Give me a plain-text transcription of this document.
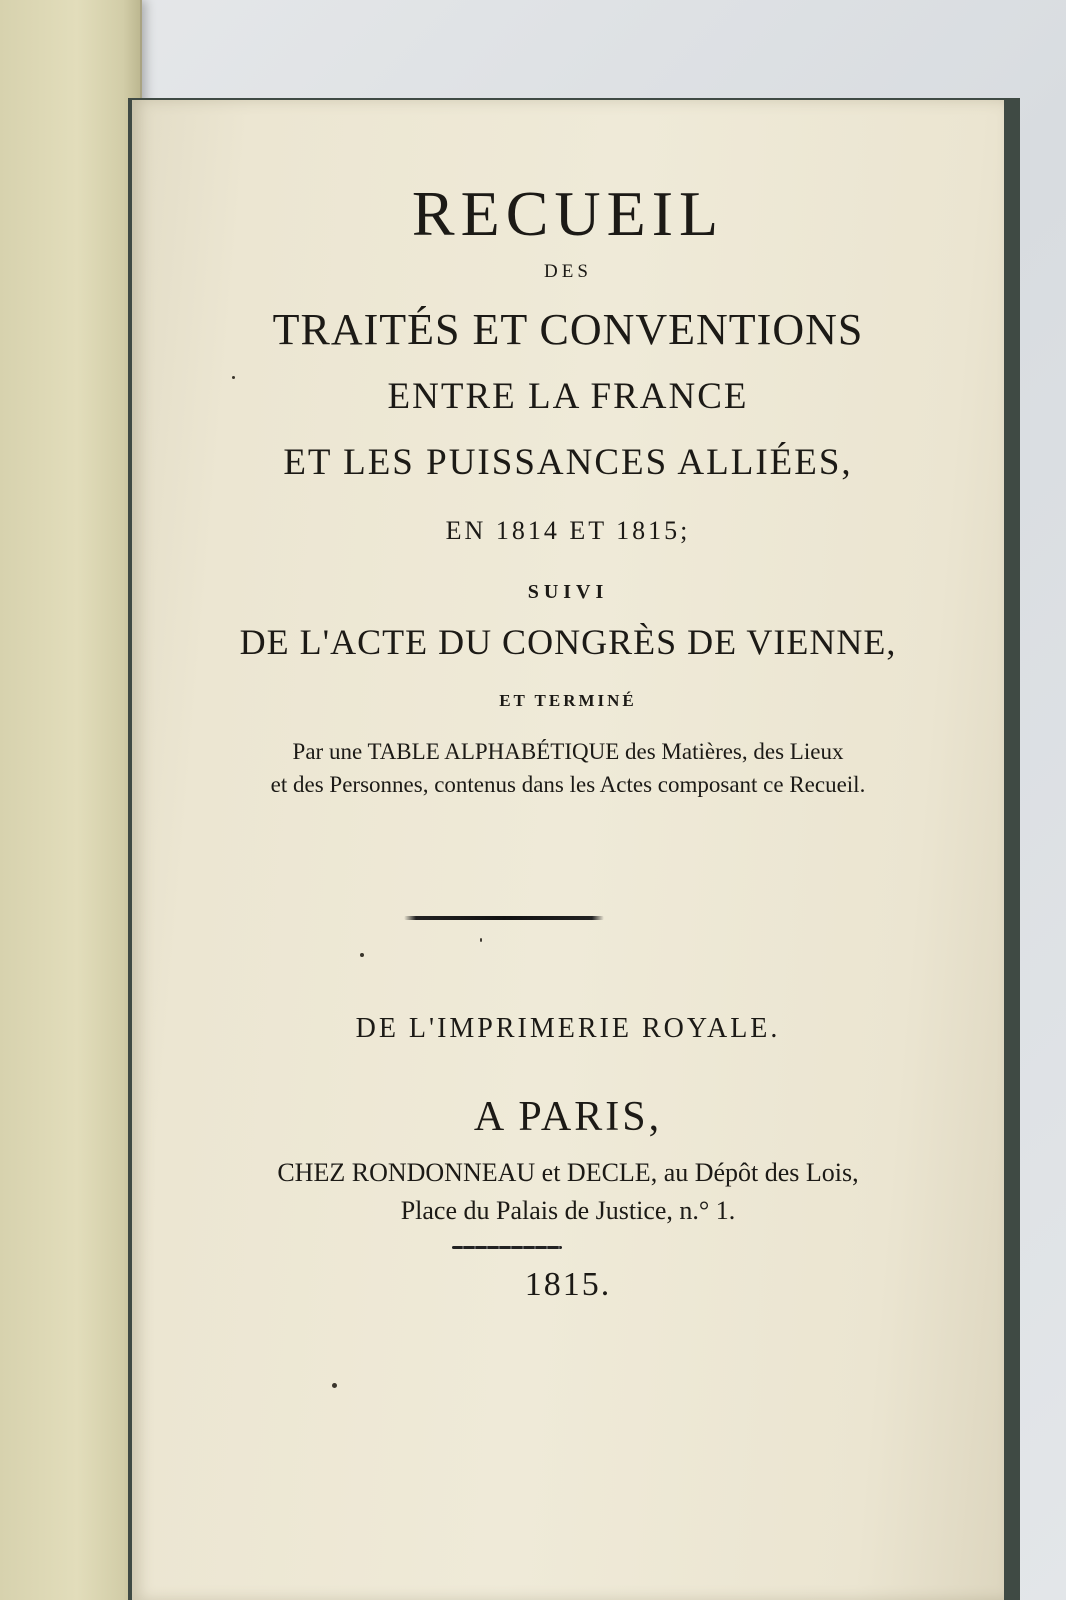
RECUEIL
DES
TRAITÉS ET CONVENTIONS
ENTRE LA FRANCE
ET LES PUISSANCES ALLIÉES,
EN 1814 ET 1815;
SUIVI
DE L'ACTE DU CONGRÈS DE VIENNE,
ET TERMINÉ
Par une TABLE ALPHABÉTIQUE des Matières, des Lieux
et des Personnes, contenus dans les Actes composant ce Recueil.
DE L'IMPRIMERIE ROYALE.
A PARIS,
CHEZ RONDONNEAU et DECLE, au Dépôt des Lois,
Place du Palais de Justice, n.° 1.
1815.
